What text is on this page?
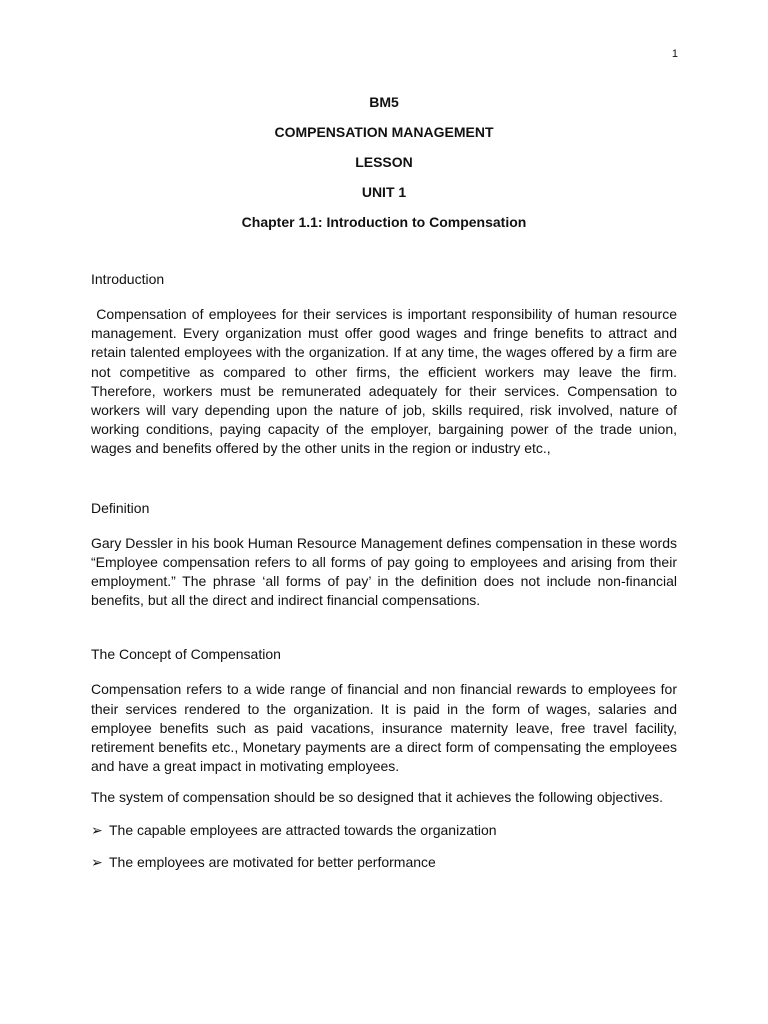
1

BM5

COMPENSATION MANAGEMENT

LESSON

UNIT 1

Chapter 1.1: Introduction to Compensation

Introduction

Compensation of employees for their services is important responsibility of human resource management. Every organization must offer good wages and fringe benefits to attract and retain talented employees with the organization. If at any time, the wages offered by a firm are not competitive as compared to other firms, the efficient workers may leave the firm. Therefore, workers must be remunerated adequately for their services. Compensation to workers will vary depending upon the nature of job, skills required, risk involved, nature of working conditions, paying capacity of the employer, bargaining power of the trade union, wages and benefits offered by the other units in the region or industry etc.,

Definition

Gary Dessler in his book Human Resource Management defines compensation in these words “Employee compensation refers to all forms of pay going to employees and arising from their employment.” The phrase ‘all forms of pay’ in the definition does not include non-financial benefits, but all the direct and indirect financial compensations.

The Concept of Compensation

Compensation refers to a wide range of financial and non financial rewards to employees for their services rendered to the organization. It is paid in the form of wages, salaries and employee benefits such as paid vacations, insurance maternity leave, free travel facility, retirement benefits etc., Monetary payments are a direct form of compensating the employees and have a great impact in motivating employees.

The system of compensation should be so designed that it achieves the following objectives.

➢ The capable employees are attracted towards the organization

➢ The employees are motivated for better performance
